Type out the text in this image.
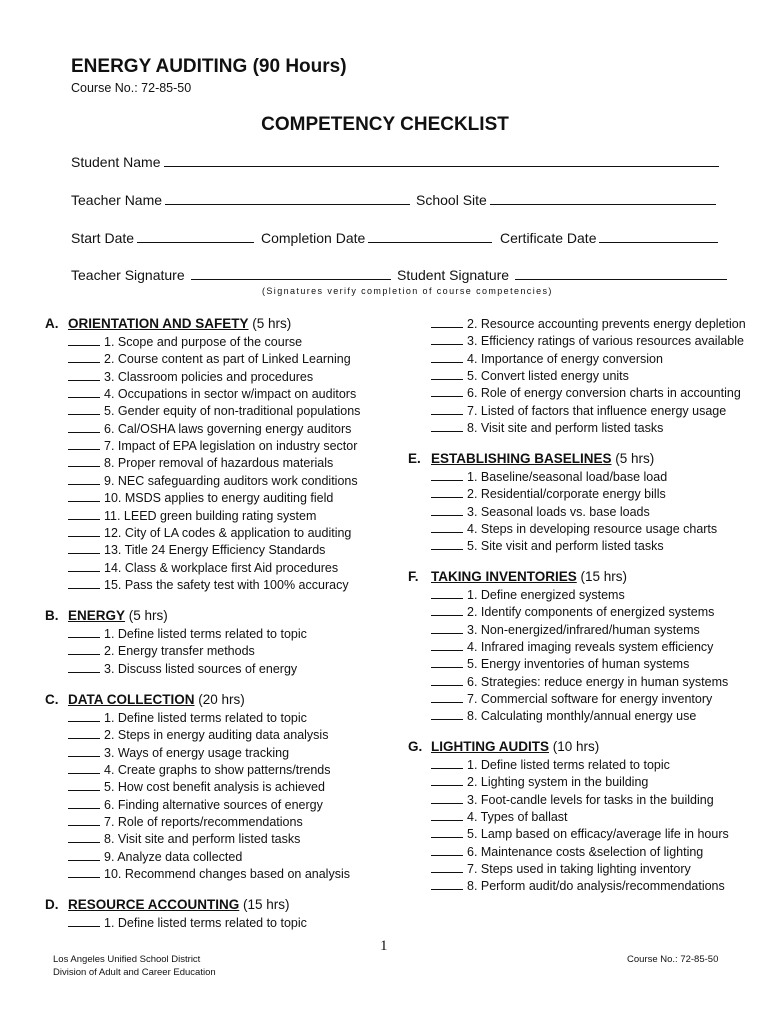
ENERGY AUDITING (90 Hours)
Course No.: 72-85-50
COMPETENCY CHECKLIST
Student Name
Teacher Name	School Site
Start Date	Completion Date	Certificate Date
Teacher Signature	Student Signature
(Signatures verify completion of course competencies)
A. ORIENTATION AND SAFETY (5 hrs)
1. Scope and purpose of the course
2. Course content as part of Linked Learning
3. Classroom policies and procedures
4. Occupations in sector w/impact on auditors
5. Gender equity of non-traditional populations
6. Cal/OSHA laws governing energy auditors
7. Impact of EPA legislation on industry sector
8. Proper removal of hazardous materials
9. NEC safeguarding auditors work conditions
10. MSDS applies to energy auditing field
11. LEED green building rating system
12. City of LA codes & application to auditing
13. Title 24 Energy Efficiency Standards
14. Class & workplace first Aid procedures
15. Pass the safety test with 100% accuracy
B. ENERGY (5 hrs)
1. Define listed terms related to topic
2. Energy transfer methods
3. Discuss listed sources of energy
C. DATA COLLECTION (20 hrs)
1. Define listed terms related to topic
2. Steps in energy auditing data analysis
3. Ways of energy usage tracking
4. Create graphs to show patterns/trends
5. How cost benefit analysis is achieved
6. Finding alternative sources of energy
7. Role of reports/recommendations
8. Visit site and perform listed tasks
9. Analyze data collected
10. Recommend changes based on analysis
D. RESOURCE ACCOUNTING (15 hrs)
1. Define listed terms related to topic
2. Resource accounting prevents energy depletion
3. Efficiency ratings of various resources available
4. Importance of energy conversion
5. Convert listed energy units
6. Role of energy conversion charts in accounting
7. Listed of factors that influence energy usage
8. Visit site and perform listed tasks
E. ESTABLISHING BASELINES (5 hrs)
1. Baseline/seasonal load/base load
2. Residential/corporate energy bills
3. Seasonal loads vs. base loads
4. Steps in developing resource usage charts
5. Site visit and perform listed tasks
F. TAKING INVENTORIES (15 hrs)
1. Define energized systems
2. Identify components of energized systems
3. Non-energized/infrared/human systems
4. Infrared imaging reveals system efficiency
5. Energy inventories of human systems
6. Strategies: reduce energy in human systems
7. Commercial software for energy inventory
8. Calculating monthly/annual energy use
G. LIGHTING AUDITS (10 hrs)
1. Define listed terms related to topic
2. Lighting system in the building
3. Foot-candle levels for tasks in the building
4. Types of ballast
5. Lamp based on efficacy/average life in hours
6. Maintenance costs &selection of lighting
7. Steps used in taking lighting inventory
8. Perform audit/do analysis/recommendations
1
Los Angeles Unified School District
Division of Adult and Career Education
Course No.: 72-85-50
